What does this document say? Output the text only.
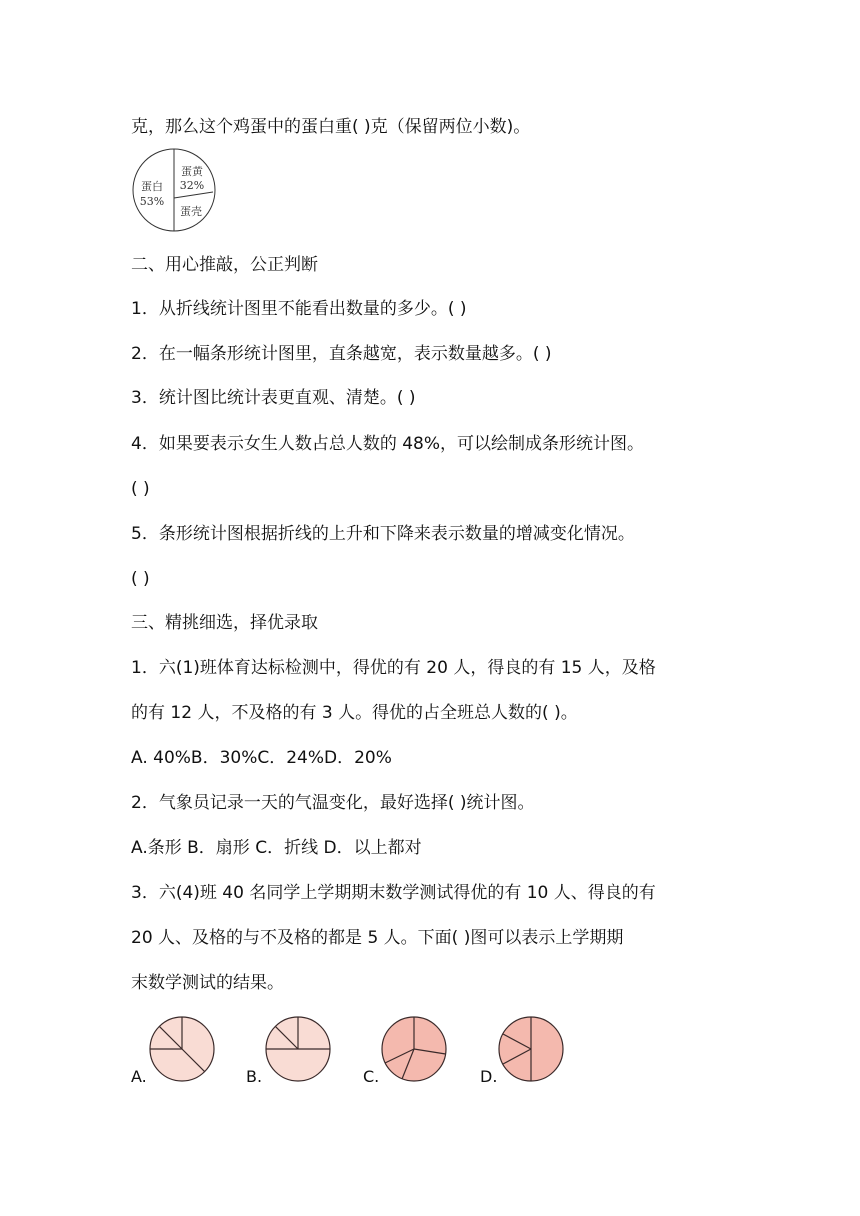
克，那么这个鸡蛋中的蛋白重( )克（保留两位小数)。
蛋白
53%
蛋黄
32%
蛋壳
二、用心推敲，公正判断
1．从折线统计图里不能看出数量的多少。( )
2．在一幅条形统计图里，直条越宽，表示数量越多。( )
3．统计图比统计表更直观、清楚。( )
4．如果要表示女生人数占总人数的 48%，可以绘制成条形统计图。
( )
5．条形统计图根据折线的上升和下降来表示数量的增减变化情况。
( )
三、精挑细选，择优录取
1．六(1)班体育达标检测中，得优的有 20 人，得良的有 15 人，及格
的有 12 人，不及格的有 3 人。得优的占全班总人数的( )。
A. 40%B．30%C．24%D．20%
2．气象员记录一天的气温变化，最好选择( )统计图。
A.条形 B．扇形 C．折线 D．以上都对
3．六(4)班 40 名同学上学期期末数学测试得优的有 10 人、得良的有
20 人、及格的与不及格的都是 5 人。下面( )图可以表示上学期期
末数学测试的结果。
A.	B.	C.	D.
